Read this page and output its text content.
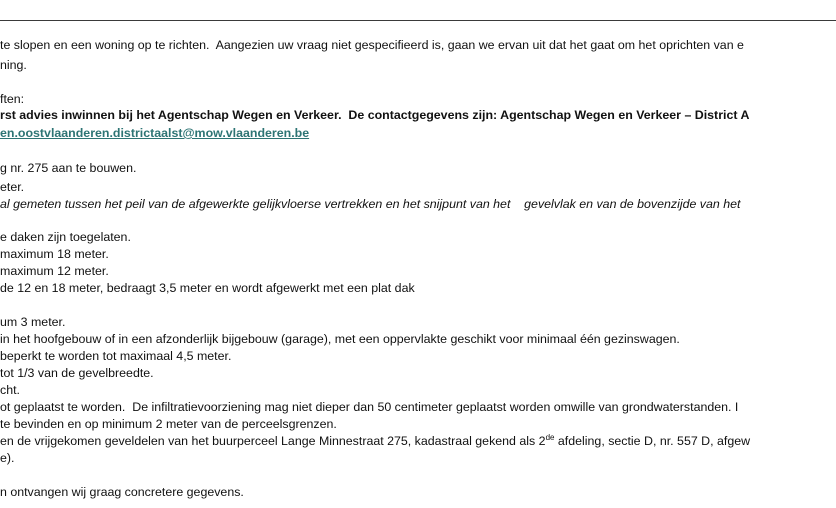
te slopen en een woning op te richten.  Aangezien uw vraag niet gespecifieerd is, gaan we ervan uit dat het gaat om het oprichten van e
ning.
ften:
rst advies inwinnen bij het Agentschap Wegen en Verkeer.  De contactgegevens zijn: Agentschap Wegen en Verkeer – District A
en.oostvlaanderen.districtaalst@mow.vlaanderen.be
g nr. 275 aan te bouwen.
eter.
al gemeten tussen het peil van de afgewerkte gelijkvloerse vertrekken en het snijpunt van het    gevelvlak en van de bovenzijde van het
e daken zijn toegelaten.
maximum 18 meter.
maximum 12 meter.
de 12 en 18 meter, bedraagt 3,5 meter en wordt afgewerkt met een plat dak
um 3 meter.
in het hoofgebouw of in een afzonderlijk bijgebouw (garage), met een oppervlakte geschikt voor minimaal één gezinswagen.
beperkt te worden tot maximaal 4,5 meter.
tot 1/3 van de gevelbreedte.
cht.
ot geplaatst te worden.  De infiltratievoorziening mag niet dieper dan 50 centimeter geplaatst worden omwille van grondwaterstanden. I
te bevinden en op minimum 2 meter van de perceelsgrenzen.
en de vrijgekomen geveldelen van het buurperceel Lange Minnestraat 275, kadastraal gekend als 2de afdeling, sectie D, nr. 557 D, afgew
e).
n ontvangen wij graag concretere gegevens.
